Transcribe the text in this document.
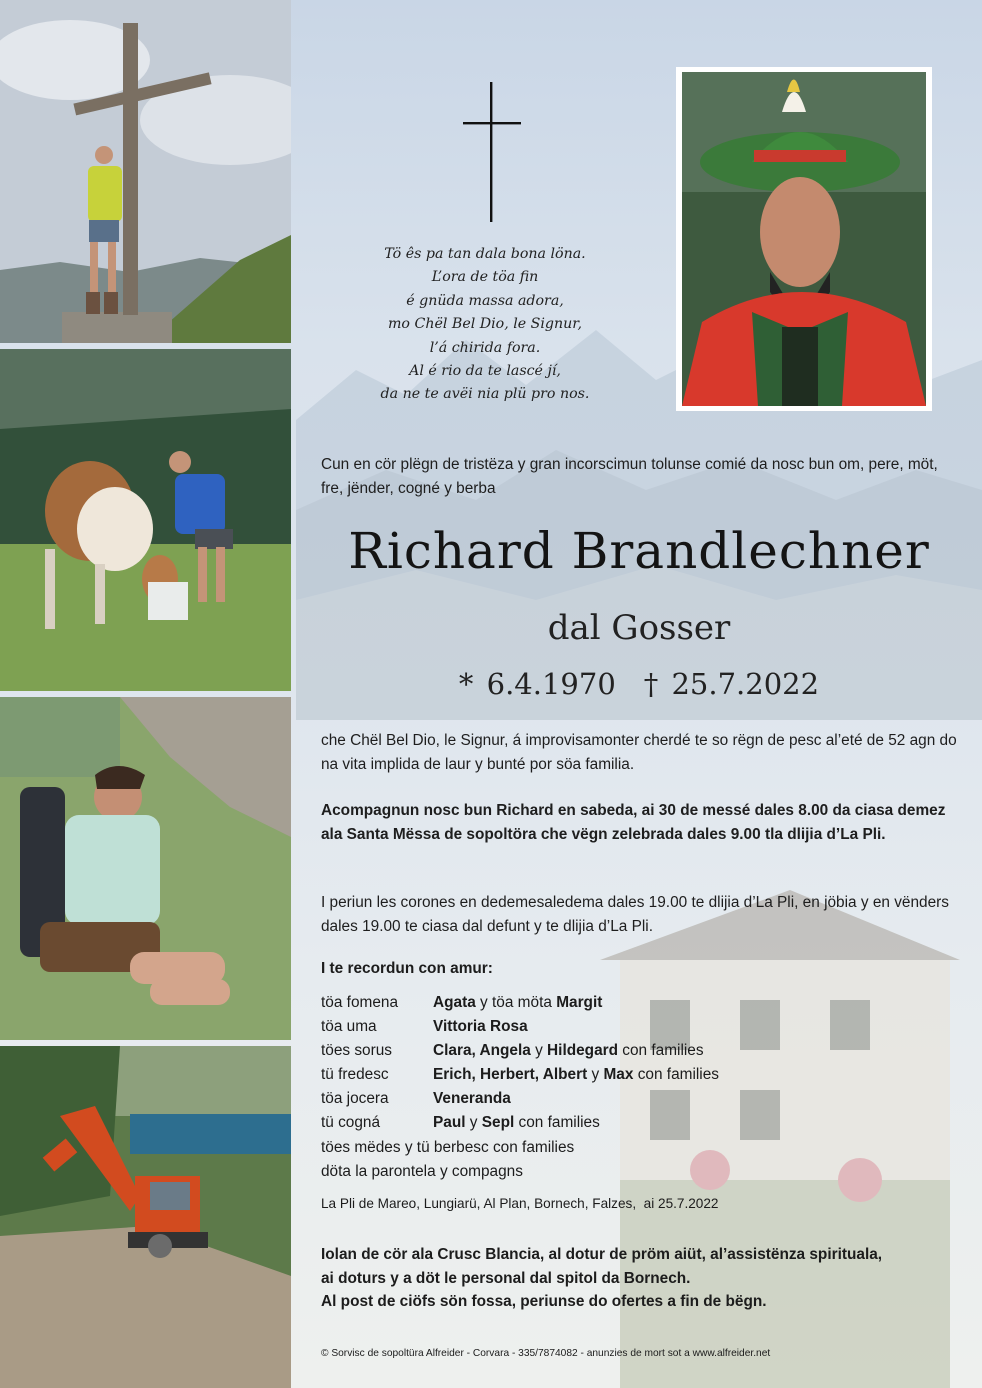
Tö ês pa tan dala bona löna.
L’ora de töa fin
é gnüda massa adora,
mo Chël Bel Dio, le Signur,
l’á chirida fora.
Al é rio da te lascé jí,
da ne te avëi nia plü pro nos.
Cun en cör plëgn de tristëza y gran incorscimun tolunse comié da nosc bun om, pere, möt, fre, jënder, cogné y berba
Richard Brandlechner
dal Gosser
* 6.4.1970 † 25.7.2022
che Chël Bel Dio, le Signur, á improvisamonter cherdé te so rëgn de pesc al’eté de 52 agn do na vita implida de laur y bunté por söa familia.
Acompagnun nosc bun Richard en sabeda, ai 30 de messé dales 8.00 da ciasa demez ala Santa Mëssa de sopoltöra che vëgn zelebrada dales 9.00 tla dlijia d’La Pli.
I periun les corones en dedemesaledema dales 19.00 te dlijia d’La Pli, en jöbia y en vënders dales 19.00 te ciasa dal defunt y te dlijia d’La Pli.
I te recordun con amur:
töa fomena	Agata y töa möta Margit
töa uma	Vittoria Rosa
töes sorus	Clara, Angela y Hildegard con families
tü fredesc	Erich, Herbert, Albert y Max con families
töa jocera	Veneranda
tü cogná	Paul y Sepl con families
töes mëdes y tü berbesc con families
döta la parontela y compagns
La Pli de Mareo, Lungiarü, Al Plan, Bornech, Falzes,  ai 25.7.2022
Iolan de cör ala Crusc Blancia, al dotur de pröm aiüt, al’assistënza spirituala,
ai doturs y a döt le personal dal spitol da Bornech.
Al post de ciöfs sön fossa, periunse do ofertes a fin de bëgn.
© Sorvisc de sopoltüra Alfreider - Corvara - 335/7874082 - anunzies de mort sot a www.alfreider.net
